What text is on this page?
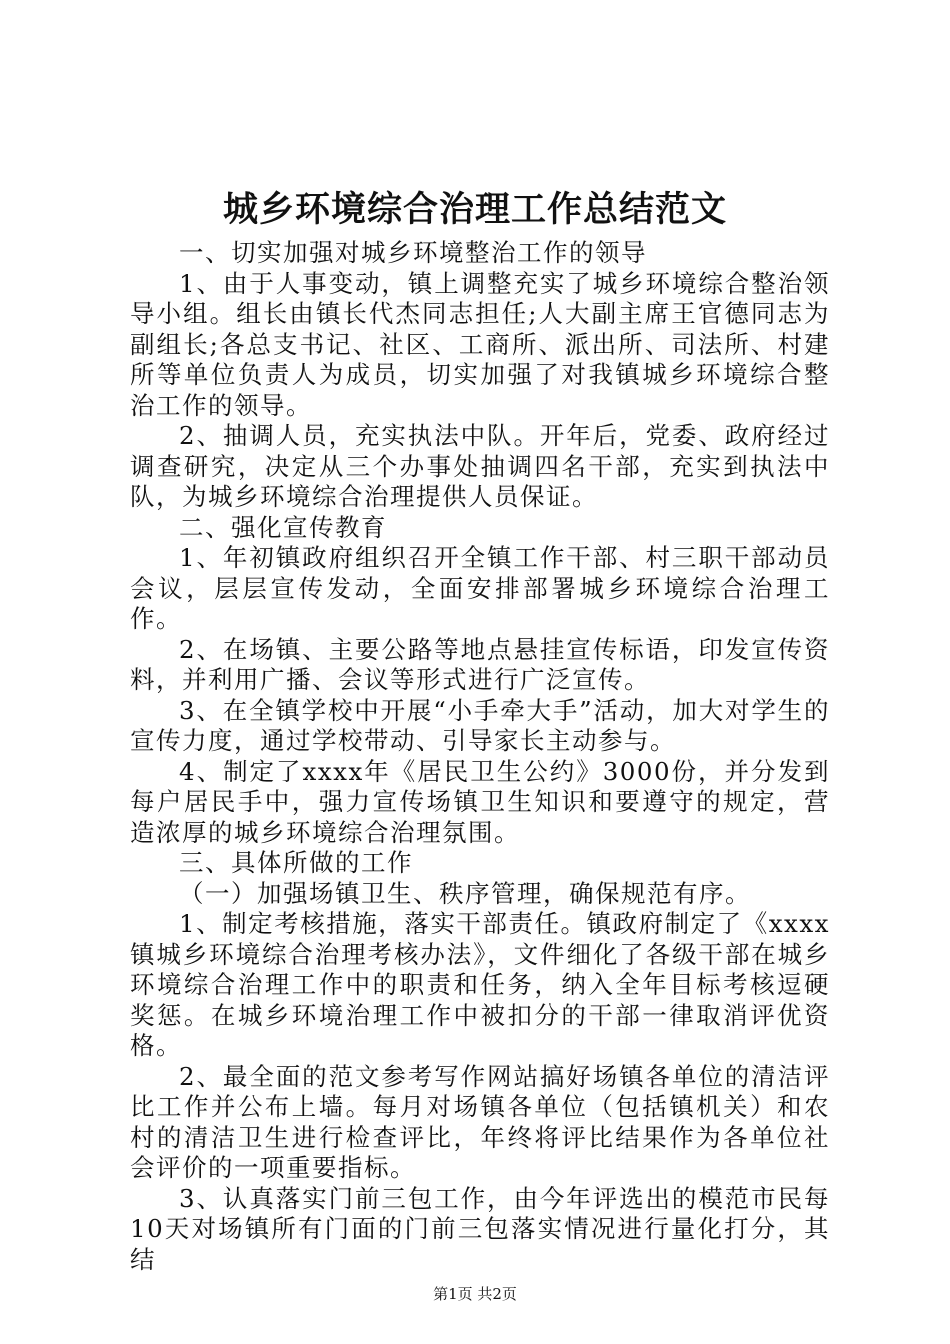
城乡环境综合治理工作总结范文

一、切实加强对城乡环境整治工作的领导

1、由于人事变动，镇上调整充实了城乡环境综合整治领导小组。组长由镇长代杰同志担任;人大副主席王官德同志为副组长;各总支书记、社区、工商所、派出所、司法所、村建所等单位负责人为成员，切实加强了对我镇城乡环境综合整治工作的领导。

2、抽调人员，充实执法中队。开年后，党委、政府经过调查研究，决定从三个办事处抽调四名干部，充实到执法中队，为城乡环境综合治理提供人员保证。

二、强化宣传教育

1、年初镇政府组织召开全镇工作干部、村三职干部动员会议，层层宣传发动，全面安排部署城乡环境综合治理工作。

2、在场镇、主要公路等地点悬挂宣传标语，印发宣传资料，并利用广播、会议等形式进行广泛宣传。

3、在全镇学校中开展“小手牵大手”活动，加大对学生的宣传力度，通过学校带动、引导家长主动参与。

4、制定了xxxx年《居民卫生公约》3000份，并分发到每户居民手中，强力宣传场镇卫生知识和要遵守的规定，营造浓厚的城乡环境综合治理氛围。

三、具体所做的工作

（一）加强场镇卫生、秩序管理，确保规范有序。

1、制定考核措施，落实干部责任。镇政府制定了《xxxx镇城乡环境综合治理考核办法》，文件细化了各级干部在城乡环境综合治理工作中的职责和任务，纳入全年目标考核逗硬奖惩。在城乡环境治理工作中被扣分的干部一律取消评优资格。

2、最全面的范文参考写作网站搞好场镇各单位的清洁评比工作并公布上墙。每月对场镇各单位（包括镇机关）和农村的清洁卫生进行检查评比，年终将评比结果作为各单位社会评价的一项重要指标。

3、认真落实门前三包工作，由今年评选出的模范市民每10天对场镇所有门面的门前三包落实情况进行量化打分，其结

第1页 共2页
